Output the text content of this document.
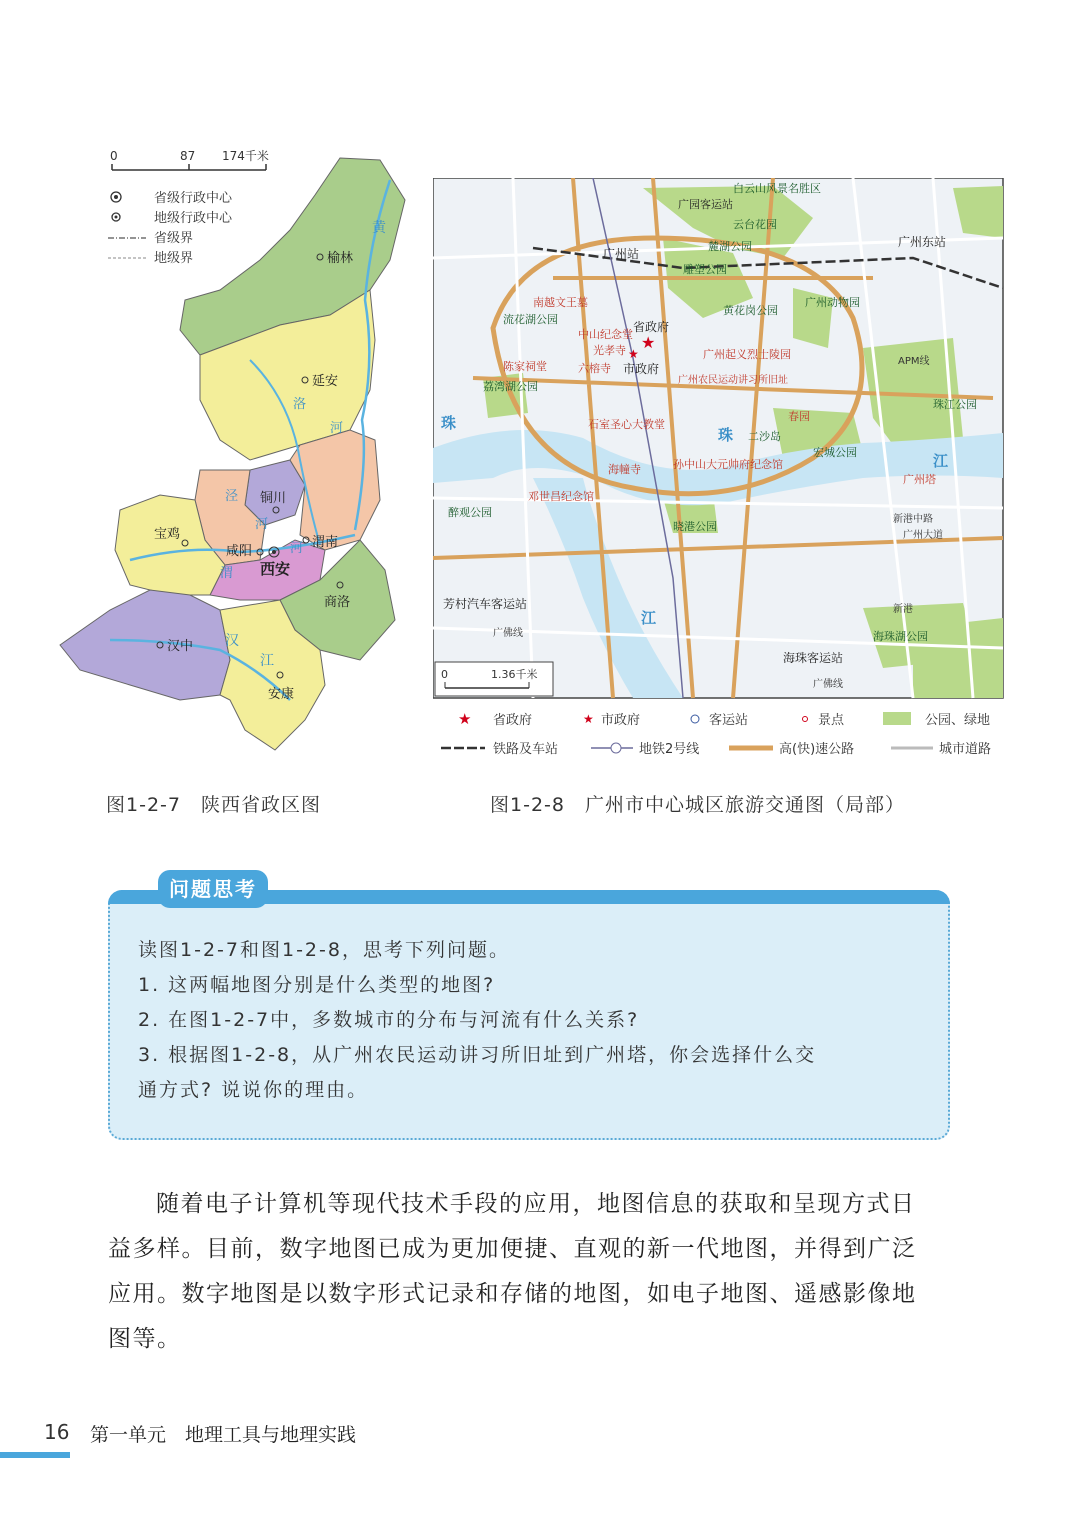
0	87 174千米
省级行政中心
地级行政中心
省级界
地级界
黄
洛
河
泾
河
渭
河
汉
江
榆林
延安
铜川
宝鸡
咸阳
西安
渭南
商洛
汉中
安康
图1-2-7　陕西省政区图
白云山风景名胜区
广园客运站
云台花园
广州站
麓湖公园
雕塑公园
广州东站
广州动物园
黄花岗公园
省政府
市政府
流花湖公园
南越文王墓
中山纪念堂
光孝寺
六榕寺
陈家祠堂
荔湾湖公园
广州起义烈士陵园
广州农民运动讲习所旧址
石室圣心大教堂
海幢寺
春园
二沙岛
宏城公园
珠江公园
孙中山大元帅府纪念馆
广州塔
邓世昌纪念馆
醉观公园
晓港公园
芳村汽车客运站
海珠客运站
海珠湖公园
珠
江
珠
江
APM线
广佛线
广佛线
广州大道
新港中路
新港
★
★
0	1.36千米
★ 省政府	★ 市政府	客运站	景点	公园、绿地
铁路及车站	地铁2号线	高(快)速公路	城市道路
图1-2-8　广州市中心城区旅游交通图（局部）
问题思考
读图1-2-7和图1-2-8，思考下列问题。
1. 这两幅地图分别是什么类型的地图?
2. 在图1-2-7中，多数城市的分布与河流有什么关系?
3. 根据图1-2-8，从广州农民运动讲习所旧址到广州塔，你会选择什么交
通方式? 说说你的理由。
随着电子计算机等现代技术手段的应用，地图信息的获取和呈现方式日
益多样。目前，数字地图已成为更加便捷、直观的新一代地图，并得到广泛
应用。数字地图是以数字形式记录和存储的地图，如电子地图、遥感影像地
图等。
16 第一单元　地理工具与地理实践
